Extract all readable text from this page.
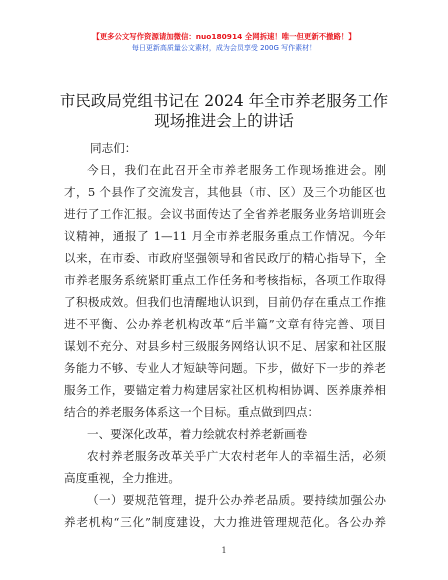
【更多公文写作资源请加微信：nuo180914 全网拆速！唯一但更新不撤路！】
每日更新高质量公文素材，成为会员享受 200G 写作素材！
市民政局党组书记在 2024 年全市养老服务工作
现场推进会上的讲话
同志们：
今日，我们在此召开全市养老服务工作现场推进会。刚
才，5 个县作了交流发言，其他县（市、区）及三个功能区也
进行了工作汇报。会议书面传达了全省养老服务业务培训班会
议精神，通报了 1—11 月全市养老服务重点工作情况。今年
以来，在市委、市政府坚强领导和省民政厅的精心指导下，全
市养老服务系统紧盯重点工作任务和考核指标，各项工作取得
了积极成效。但我们也清醒地认识到，目前仍存在重点工作推
进不平衡、公办养老机构改革“后半篇”文章有待完善、项目
谋划不充分、对县乡村三级服务网络认识不足、居家和社区服
务能力不够、专业人才短缺等问题。下步，做好下一步的养老
服务工作，要锚定着力构建居家社区机构相协调、医养康养相
结合的养老服务体系这一个目标。重点做到四点：
一、要深化改革，着力绘就农村养老新画卷
农村养老服务改革关乎广大农村老年人的幸福生活，必须
高度重视，全力推进。
（一）要规范管理，提升公办养老品质。要持续加强公办
养老机构“三化”制度建设，大力推进管理规范化。各公办养
1
